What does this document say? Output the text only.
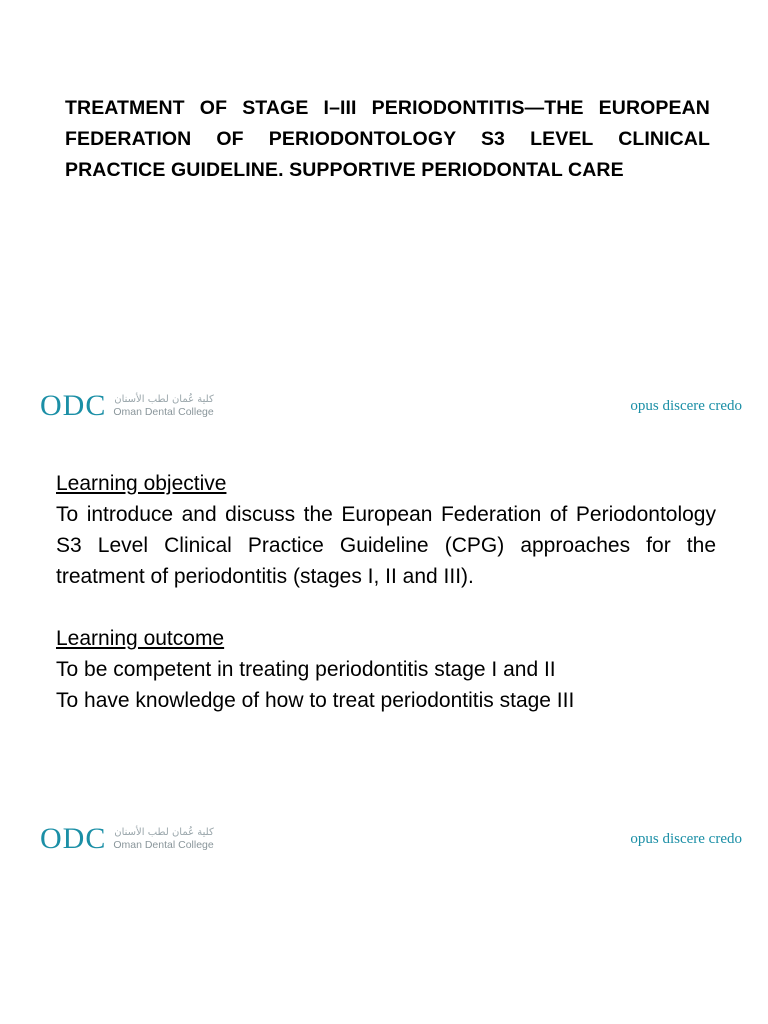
TREATMENT OF STAGE I–III PERIODONTITIS—THE EUROPEAN FEDERATION OF PERIODONTOLOGY S3 LEVEL CLINICAL PRACTICE GUIDELINE. SUPPORTIVE PERIODONTAL CARE
ODC كلية عُمان لطب الأسنان
Oman Dental College	opus discere credo
Learning objective

To introduce and discuss the European Federation of Periodontology S3 Level Clinical Practice Guideline (CPG) approaches for the treatment of periodontitis (stages I, II and III).

Learning outcome
To be competent in treating periodontitis stage I and II
To have knowledge of how to treat periodontitis stage III
ODC كلية عُمان لطب الأسنان
Oman Dental College	opus discere credo
